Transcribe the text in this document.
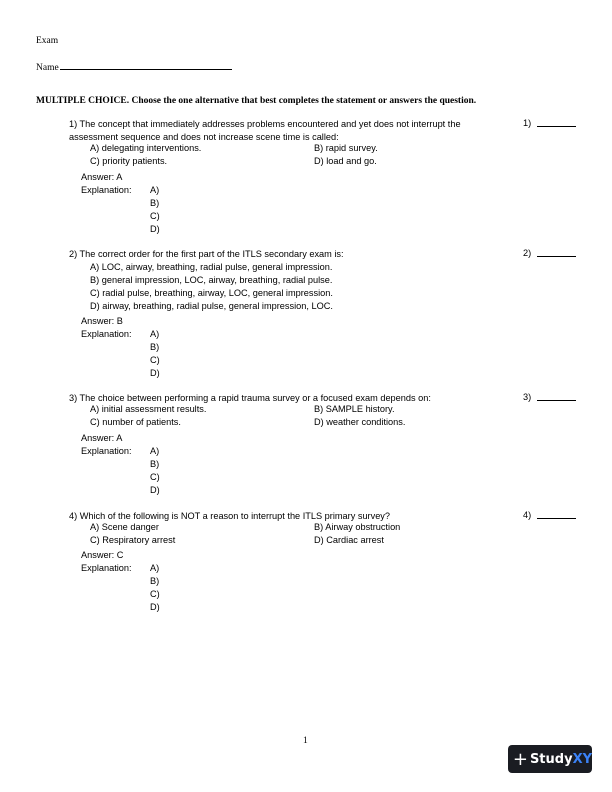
Exam
Name
MULTIPLE CHOICE. Choose the one alternative that best completes the statement or answers the question.
1) The concept that immediately addresses problems encountered and yet does not interrupt the assessment sequence and does not increase scene time is called:
1)
A) delegating interventions.	B) rapid survey.
C) priority patients.	D) load and go.
Answer: A
Explanation: A)
B)
C)
D)
2) The correct order for the first part of the ITLS secondary exam is:	2)
A) LOC, airway, breathing, radial pulse, general impression.
B) general impression, LOC, airway, breathing, radial pulse.
C) radial pulse, breathing, airway, LOC, general impression.
D) airway, breathing, radial pulse, general impression, LOC.
Answer: B
Explanation: A)
B)
C)
D)
3) The choice between performing a rapid trauma survey or a focused exam depends on:	3)
A) initial assessment results.	B) SAMPLE history.
C) number of patients.	D) weather conditions.
Answer: A
Explanation: A)
B)
C)
D)
4) Which of the following is NOT a reason to interrupt the ITLS primary survey?	4)
A) Scene danger	B) Airway obstruction
C) Respiratory arrest	D) Cardiac arrest
Answer: C
Explanation: A)
B)
C)
D)
1
+ Study XY
